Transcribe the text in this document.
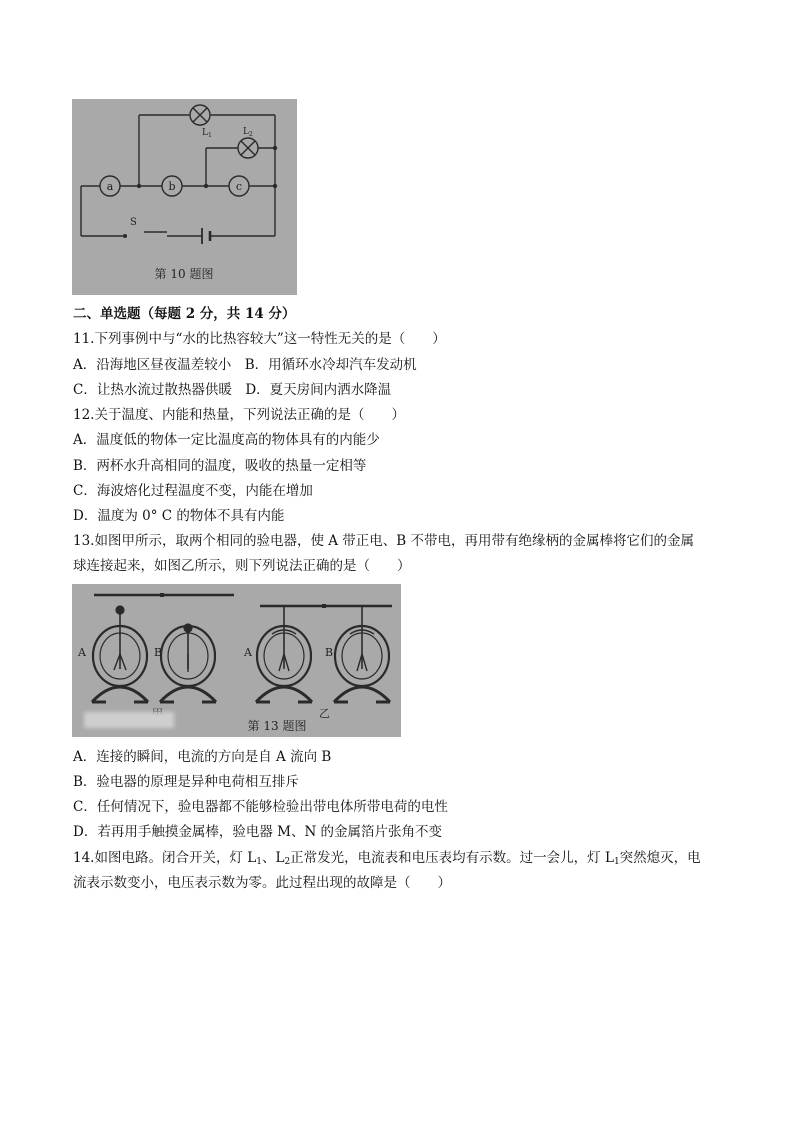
a	b	c
$L_1$	$L_2$
S
第 10 题图
二、单选题（每题 2 分，共 14 分）
11.下列事例中与“水的比热容较大”这一特性无关的是（　　）
A．沿海地区昼夜温差较小　B．用循环水冷却汽车发动机
C．让热水流过散热器供暖　D．夏天房间内洒水降温
12.关于温度、内能和热量，下列说法正确的是（　　）
A．温度低的物体一定比温度高的物体具有的内能少
B．两杯水升高相同的温度，吸收的热量一定相等
C．海波熔化过程温度不变，内能在增加
D．温度为 0° C 的物体不具有内能
13.如图甲所示，取两个相同的验电器，使 A 带正电、B 不带电，再用带有绝缘柄的金属棒将它们的金属
球连接起来，如图乙所示，则下列说法正确的是（　　）
A	B	A	B
乙
第 13 题图
A．连接的瞬间，电流的方向是自 A 流向 B
B．验电器的原理是异种电荷相互排斥
C．任何情况下，验电器都不能够检验出带电体所带电荷的电性
D．若再用手触摸金属棒，验电器 M、N 的金属箔片张角不变
14.如图电路。闭合开关，灯 $L_1$、$L_2$正常发光，电流表和电压表均有示数。过一会儿，灯 $L_1$突然熄灭，电
流表示数变小，电压表示数为零。此过程出现的故障是（　　）
